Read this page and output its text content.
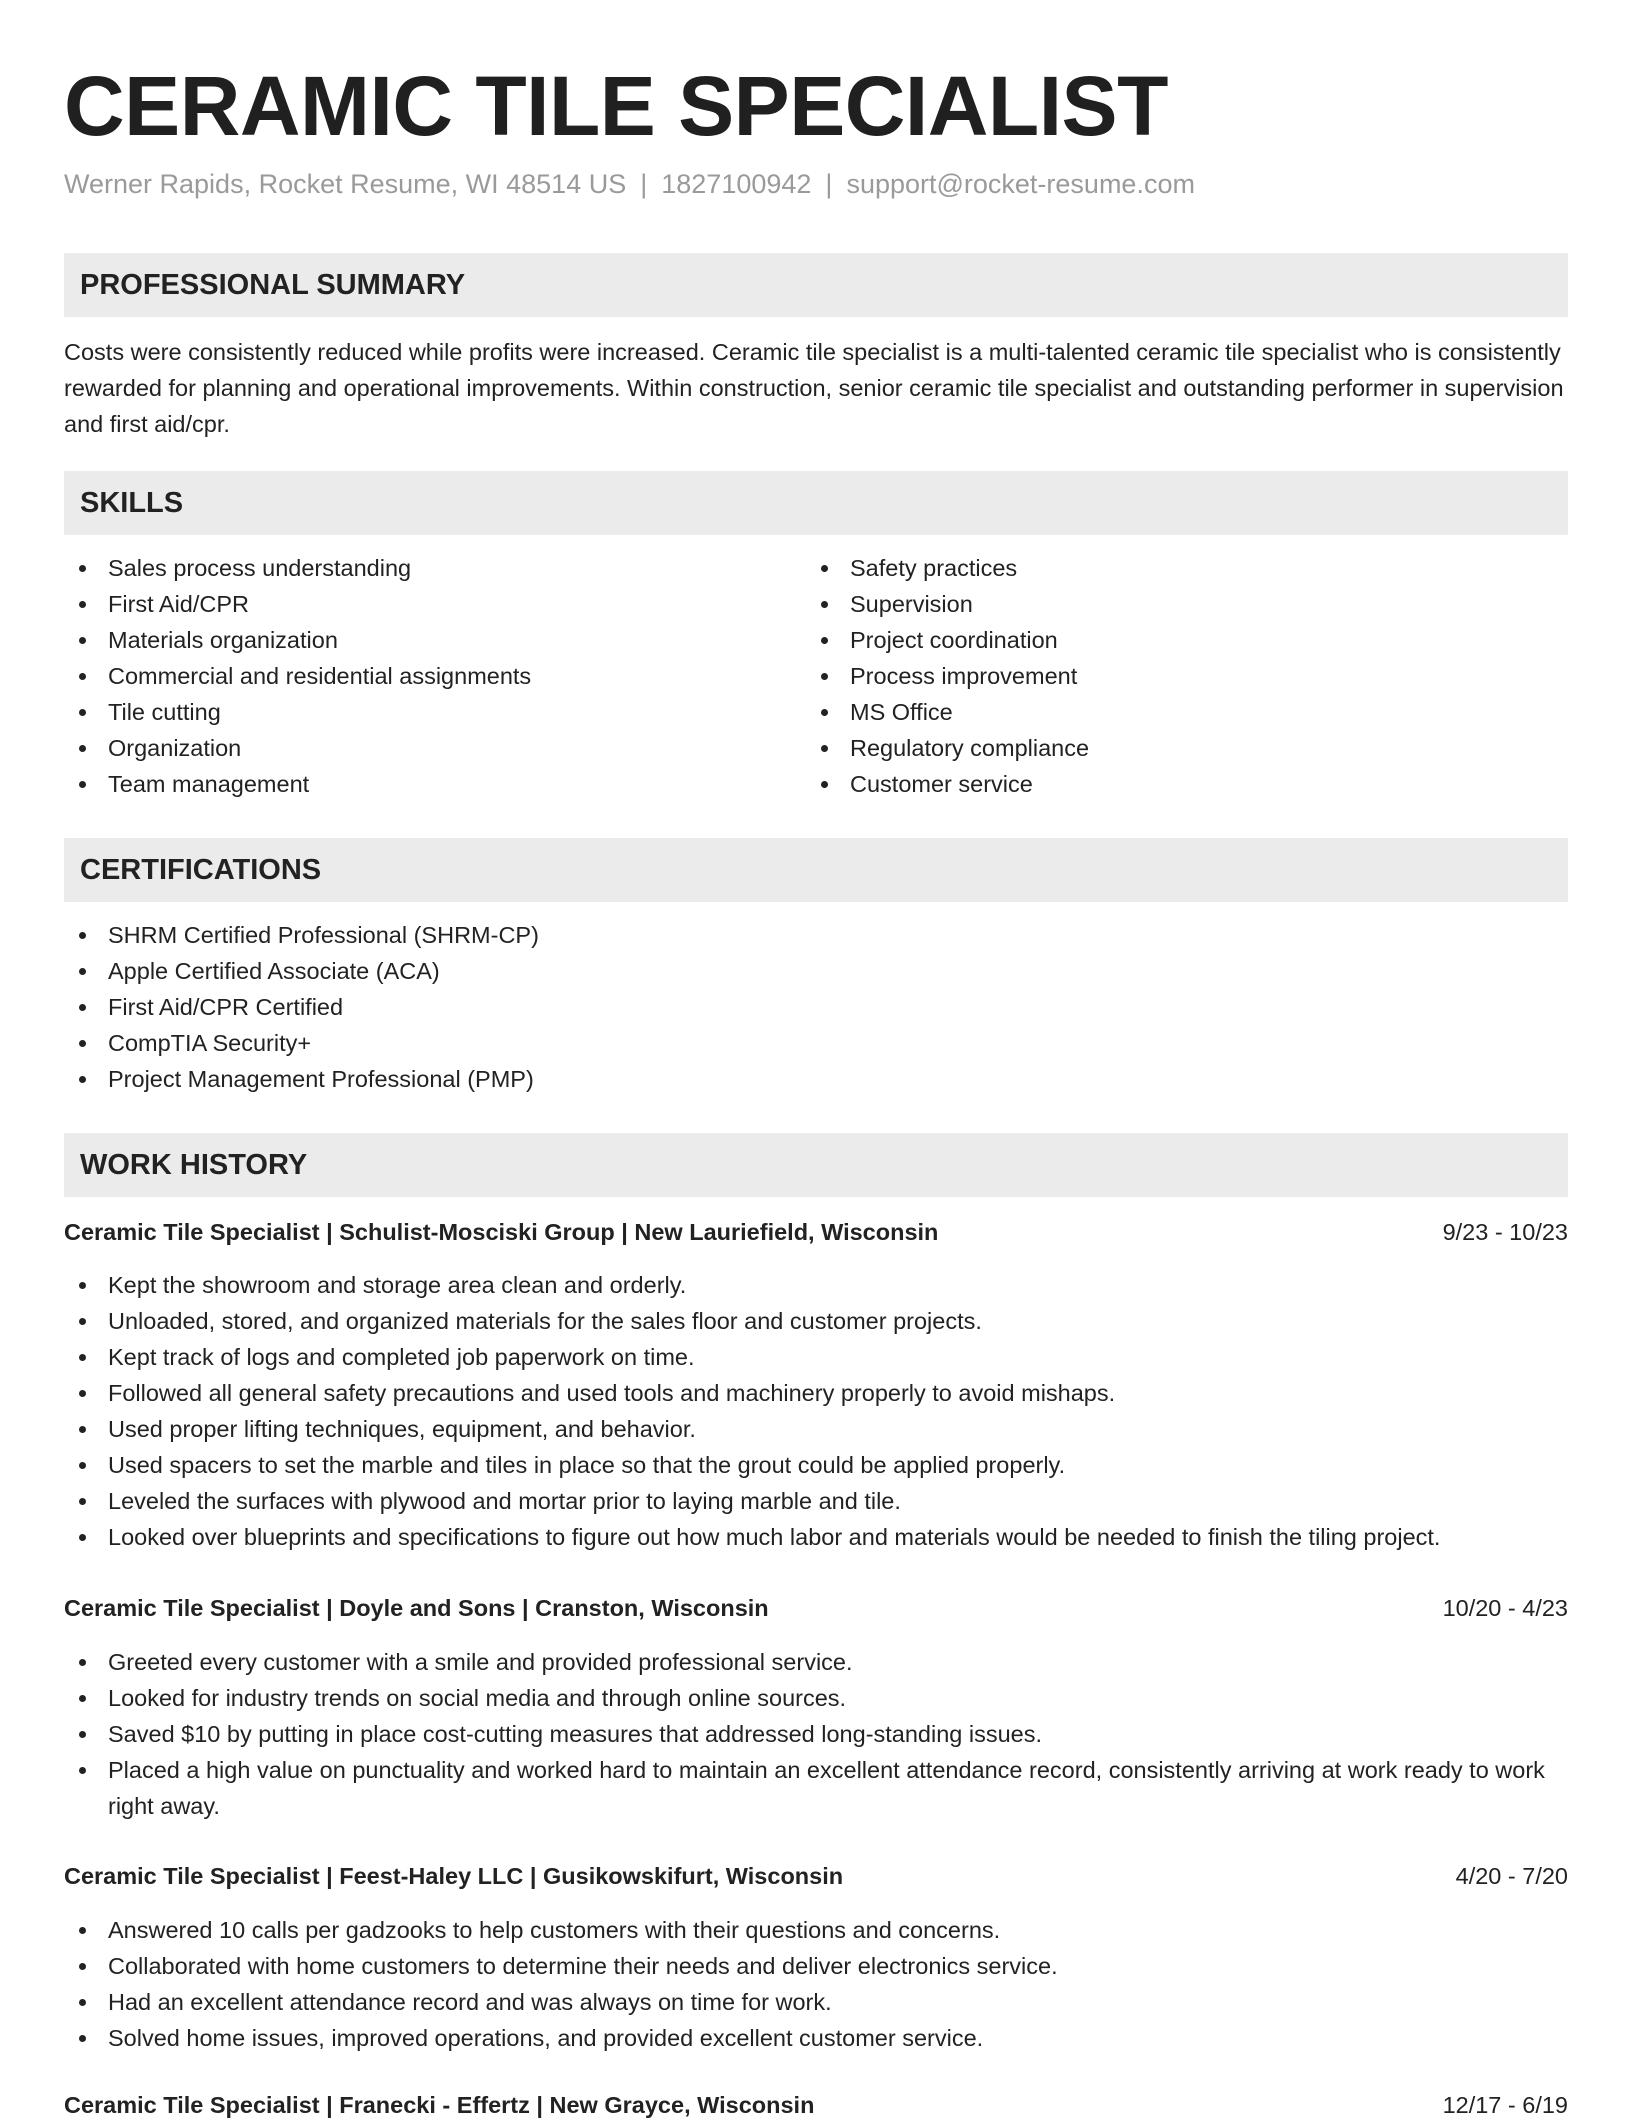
CERAMIC TILE SPECIALIST
Werner Rapids, Rocket Resume, WI 48514 US | 1827100942 | support@rocket-resume.com
PROFESSIONAL SUMMARY

Costs were consistently reduced while profits were increased. Ceramic tile specialist is a multi-talented ceramic tile specialist who is consistently rewarded for planning and operational improvements. Within construction, senior ceramic tile specialist and outstanding performer in supervision and first aid/cpr.

SKILLS
Sales process understanding
First Aid/CPR
Materials organization
Commercial and residential assignments
Tile cutting
Organization
Team management
Safety practices
Supervision
Project coordination
Process improvement
MS Office
Regulatory compliance
Customer service
CERTIFICATIONS
SHRM Certified Professional (SHRM-CP)
Apple Certified Associate (ACA)
First Aid/CPR Certified
CompTIA Security+
Project Management Professional (PMP)
WORK HISTORY
Ceramic Tile Specialist | Schulist-Mosciski Group | New Lauriefield, Wisconsin	9/23 - 10/23
Kept the showroom and storage area clean and orderly.
Unloaded, stored, and organized materials for the sales floor and customer projects.
Kept track of logs and completed job paperwork on time.
Followed all general safety precautions and used tools and machinery properly to avoid mishaps.
Used proper lifting techniques, equipment, and behavior.
Used spacers to set the marble and tiles in place so that the grout could be applied properly.
Leveled the surfaces with plywood and mortar prior to laying marble and tile.
Looked over blueprints and specifications to figure out how much labor and materials would be needed to finish the tiling project.
Ceramic Tile Specialist | Doyle and Sons | Cranston, Wisconsin	10/20 - 4/23
Greeted every customer with a smile and provided professional service.
Looked for industry trends on social media and through online sources.
Saved $10 by putting in place cost-cutting measures that addressed long-standing issues.
Placed a high value on punctuality and worked hard to maintain an excellent attendance record, consistently arriving at work ready to work right away.
Ceramic Tile Specialist | Feest-Haley LLC | Gusikowskifurt, Wisconsin	4/20 - 7/20
Answered 10 calls per gadzooks to help customers with their questions and concerns.
Collaborated with home customers to determine their needs and deliver electronics service.
Had an excellent attendance record and was always on time for work.
Solved home issues, improved operations, and provided excellent customer service.
Ceramic Tile Specialist | Franecki - Effertz | New Grayce, Wisconsin	12/17 - 6/19
